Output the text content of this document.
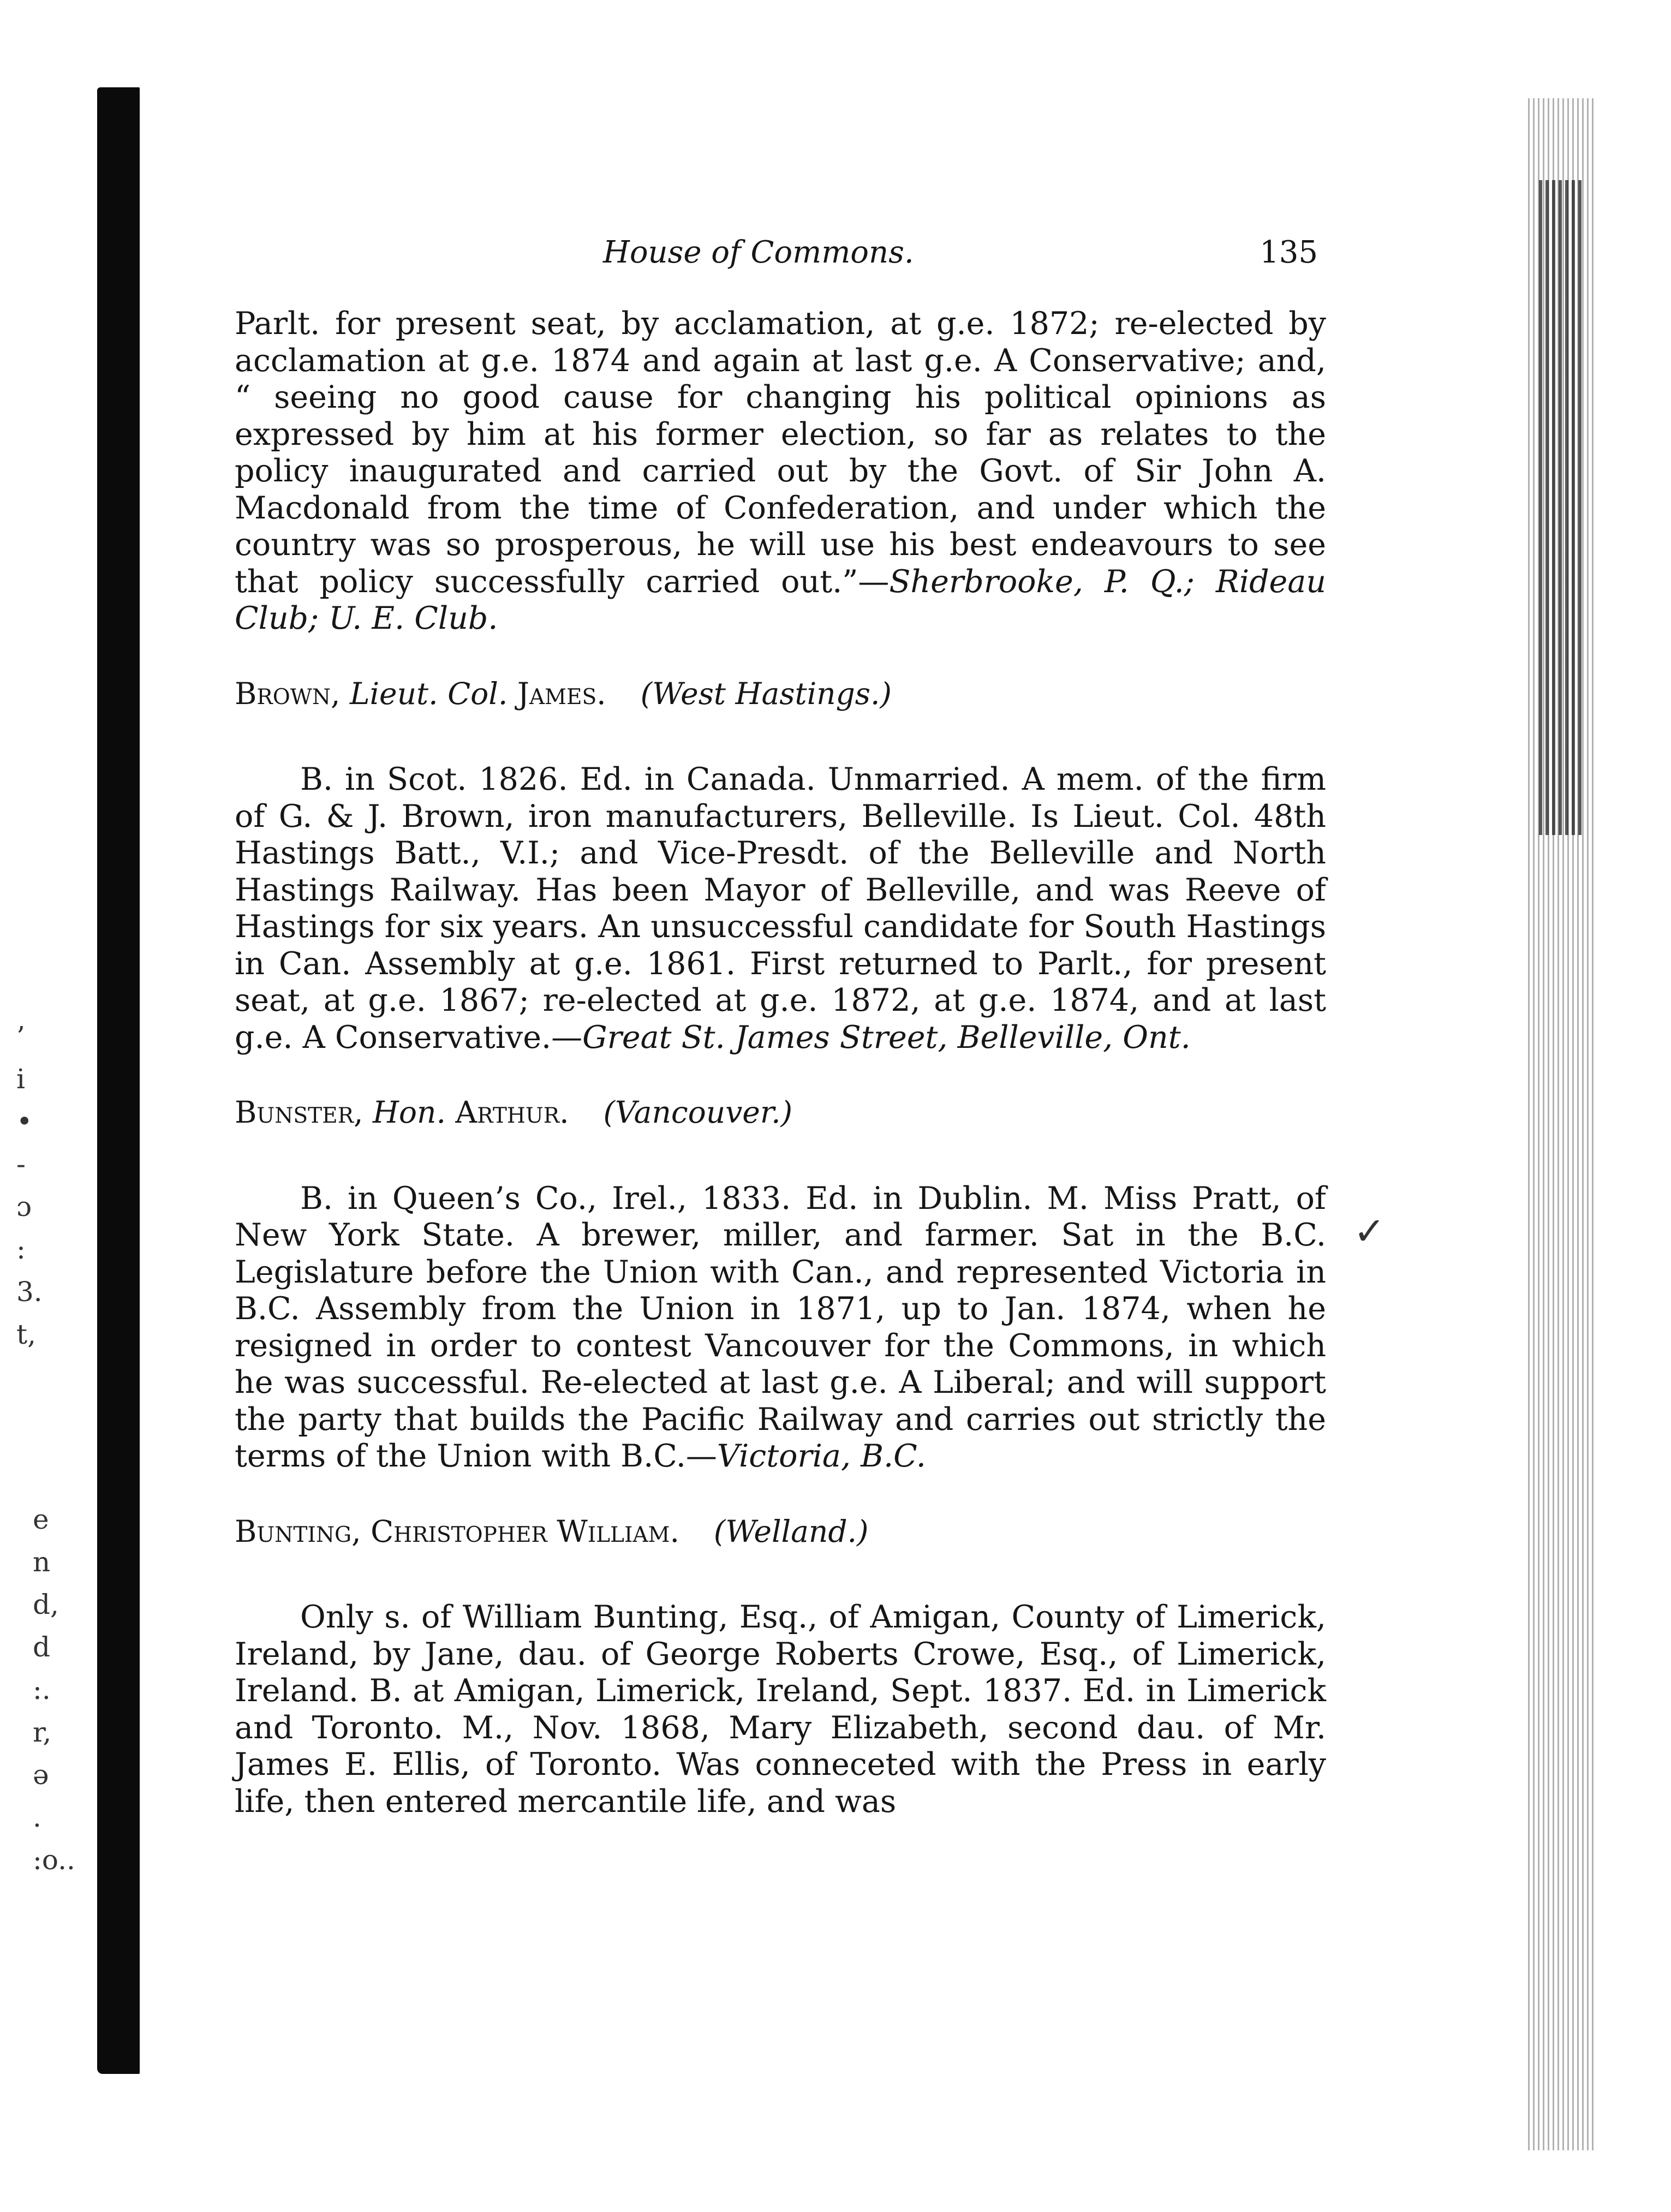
’
i
•
-
ɔ
:
3.
t,
e
n
d,
d
:.
r,
ə
.
:o..
✓
House of Commons.	135

Parlt. for present seat, by acclamation, at g.e. 1872; re-elected by acclamation at g.e. 1874 and again at last g.e. A Conservative; and, “ seeing no good cause for changing his political opinions as expressed by him at his former election, so far as relates to the policy inaugurated and carried out by the Govt. of Sir John A. Macdonald from the time of Confederation, and under which the country was so prosperous, he will use his best endeavours to see that policy successfully carried out.”—Sherbrooke, P. Q.; Rideau Club; U. E. Club.

Brown, Lieut. Col. James. (West Hastings.)

B. in Scot. 1826. Ed. in Canada. Unmarried. A mem. of the firm of G. & J. Brown, iron manufacturers, Belleville. Is Lieut. Col. 48th Hastings Batt., V.I.; and Vice-Presdt. of the Belleville and North Hastings Railway. Has been Mayor of Belleville, and was Reeve of Hastings for six years. An unsuccessful candidate for South Hastings in Can. Assembly at g.e. 1861. First returned to Parlt., for present seat, at g.e. 1867; re-elected at g.e. 1872, at g.e. 1874, and at last g.e. A Conservative.—Great St. James Street, Belleville, Ont.

Bunster, Hon. Arthur. (Vancouver.)

B. in Queen’s Co., Irel., 1833. Ed. in Dublin. M. Miss Pratt, of New York State. A brewer, miller, and farmer. Sat in the B.C. Legislature before the Union with Can., and represented Victoria in B.C. Assembly from the Union in 1871, up to Jan. 1874, when he resigned in order to contest Vancouver for the Commons, in which he was successful. Re-elected at last g.e. A Liberal; and will support the party that builds the Pacific Railway and carries out strictly the terms of the Union with B.C.—Victoria, B.C.

Bunting, Christopher William. (Welland.)

Only s. of William Bunting, Esq., of Amigan, County of Limerick, Ireland, by Jane, dau. of George Roberts Crowe, Esq., of Limerick, Ireland. B. at Amigan, Limerick, Ireland, Sept. 1837. Ed. in Limerick and Toronto. M., Nov. 1868, Mary Elizabeth, second dau. of Mr. James E. Ellis, of Toronto. Was conneceted with the Press in early life, then entered mercantile life, and was
